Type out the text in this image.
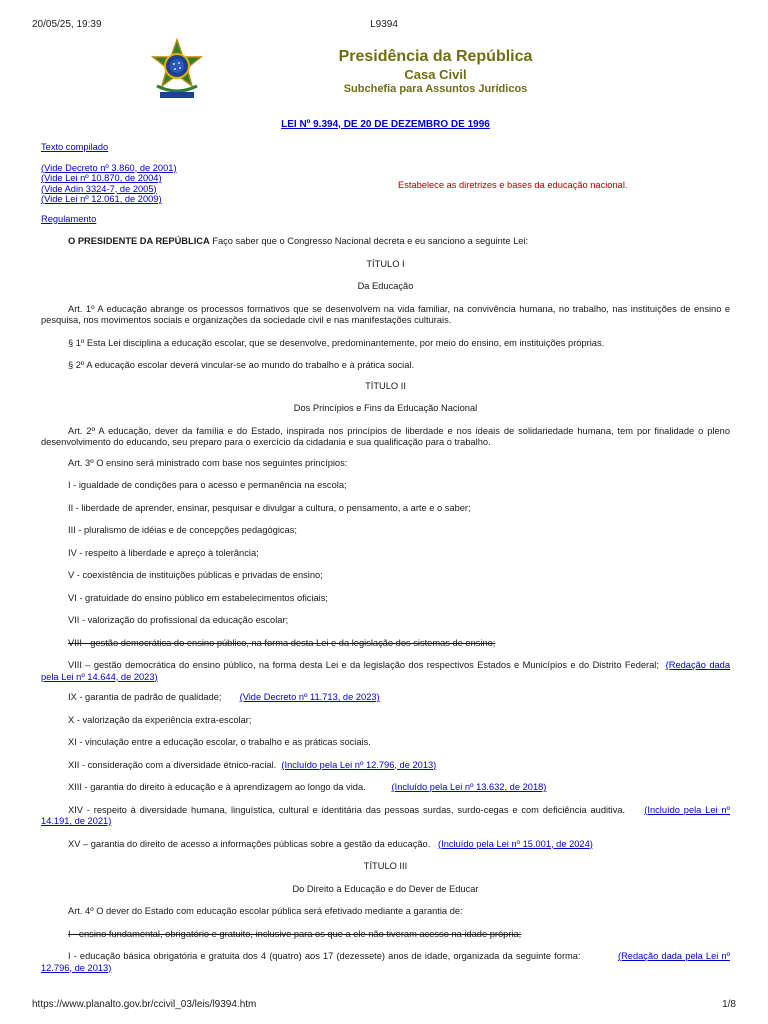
20/05/25, 19:39	L9394
Presidência da República
Casa Civil
Subchefia para Assuntos Jurídicos
LEI Nº 9.394, DE 20 DE DEZEMBRO DE 1996

Texto compilado

(Vide Decreto nº 3.860, de 2001)
(Vide Lei nº 10.870, de 2004)
(Vide Adin 3324-7, de 2005)
(Vide Lei nº 12.061, de 2009)
Estabelece as diretrizes e bases da educação nacional.

Regulamento

O PRESIDENTE DA REPÚBLICA Faço saber que o Congresso Nacional decreta e eu sanciono a seguinte Lei:

TÍTULO I

Da Educação

Art. 1º A educação abrange os processos formativos que se desenvolvem na vida familiar, na convivência humana, no trabalho, nas instituições de ensino e pesquisa, nos movimentos sociais e organizações da sociedade civil e nas manifestações culturais.

§ 1º Esta Lei disciplina a educação escolar, que se desenvolve, predominantemente, por meio do ensino, em instituições próprias.

§ 2º A educação escolar deverá vincular-se ao mundo do trabalho e à prática social.

TÍTULO II

Dos Princípios e Fins da Educação Nacional

Art. 2º A educação, dever da família e do Estado, inspirada nos princípios de liberdade e nos ideais de solidariedade humana, tem por finalidade o pleno desenvolvimento do educando, seu preparo para o exercício da cidadania e sua qualificação para o trabalho.

Art. 3º O ensino será ministrado com base nos seguintes princípios:

I - igualdade de condições para o acesso e permanência na escola;

II - liberdade de aprender, ensinar, pesquisar e divulgar a cultura, o pensamento, a arte e o saber;

III - pluralismo de idéias e de concepções pedagógicas;

IV - respeito à liberdade e apreço à tolerância;

V - coexistência de instituições públicas e privadas de ensino;

VI - gratuidade do ensino público em estabelecimentos oficiais;

VII - valorização do profissional da educação escolar;

VIII - gestão democrática do ensino público, na forma desta Lei e da legislação dos sistemas de ensino;

VIII – gestão democrática do ensino público, na forma desta Lei e da legislação dos respectivos Estados e Municípios e do Distrito Federal; (Redação dada pela Lei nº 14.644, de 2023)

IX - garantia de padrão de qualidade; (Vide Decreto nº 11.713, de 2023)

X - valorização da experiência extra-escolar;

XI - vinculação entre a educação escolar, o trabalho e as práticas sociais.

XII - consideração com a diversidade étnico-racial. (Incluído pela Lei nº 12.796, de 2013)

XIII - garantia do direito à educação e à aprendizagem ao longo da vida.	(Incluído pela Lei nº 13.632, de 2018)

XIV - respeito à diversidade humana, linguística, cultural e identitária das pessoas surdas, surdo-cegas e com deficiência auditiva. (Incluído pela Lei nº 14.191, de 2021)

XV – garantia do direito de acesso a informações públicas sobre a gestão da educação. (Incluído pela Lei nº 15.001, de 2024)

TÍTULO III

Do Direito à Educação e do Dever de Educar

Art. 4º O dever do Estado com educação escolar pública será efetivado mediante a garantia de:

I - ensino fundamental, obrigatório e gratuito, inclusive para os que a ele não tiveram acesso na idade própria;

I - educação básica obrigatória e gratuita dos 4 (quatro) aos 17 (dezessete) anos de idade, organizada da seguinte forma:	(Redação dada pela Lei nº 12.796, de 2013)

https://www.planalto.gov.br/ccivil_03/leis/l9394.htm	1/8
